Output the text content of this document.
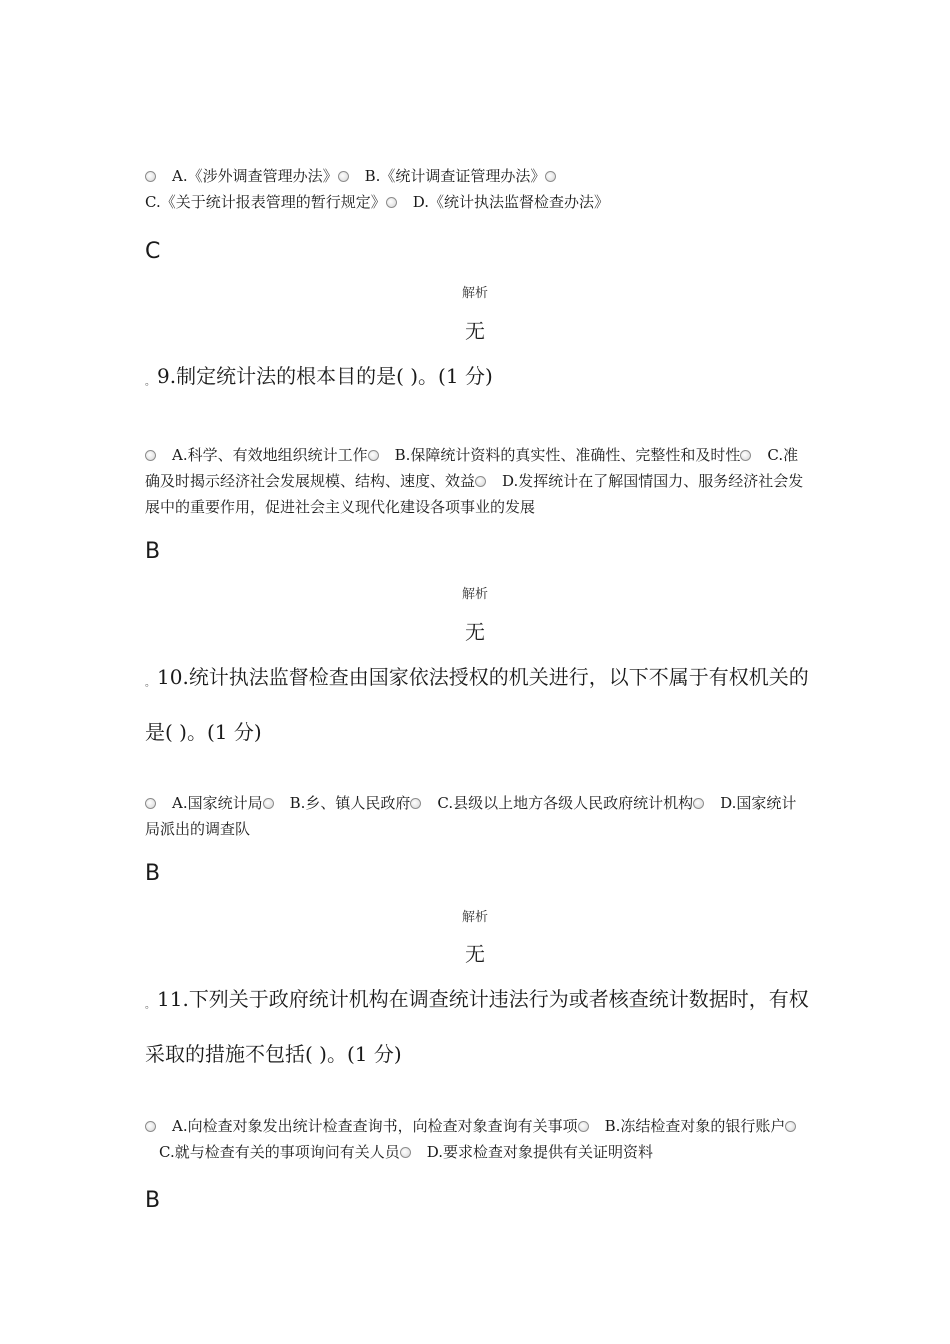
A.《涉外调查管理办法》 B.《统计调查证管理办法》C.《关于统计报表管理的暂行规定》 D.《统计执法监督检查办法》
C
解析
无
。 9.制定统计法的根本目的是( )。(1 分)
A.科学、有效地组织统计工作 B.保障统计资料的真实性、准确性、完整性和及时性 C.准确及时揭示经济社会发展规模、结构、速度、效益 D.发挥统计在了解国情国力、服务经济社会发展中的重要作用，促进社会主义现代化建设各项事业的发展
B
解析
无
。 10.统计执法监督检查由国家依法授权的机关进行，以下不属于有权机关的是( )。(1 分)
A.国家统计局 B.乡、镇人民政府 C.县级以上地方各级人民政府统计机构 D.国家统计局派出的调查队
B
解析
无
。 11.下列关于政府统计机构在调查统计违法行为或者核查统计数据时，有权采取的措施不包括( )。(1 分)
A.向检查对象发出统计检查查询书，向检查对象查询有关事项 B.冻结检查对象的银行账户C.就与检查有关的事项询问有关人员 D.要求检查对象提供有关证明资料
B
